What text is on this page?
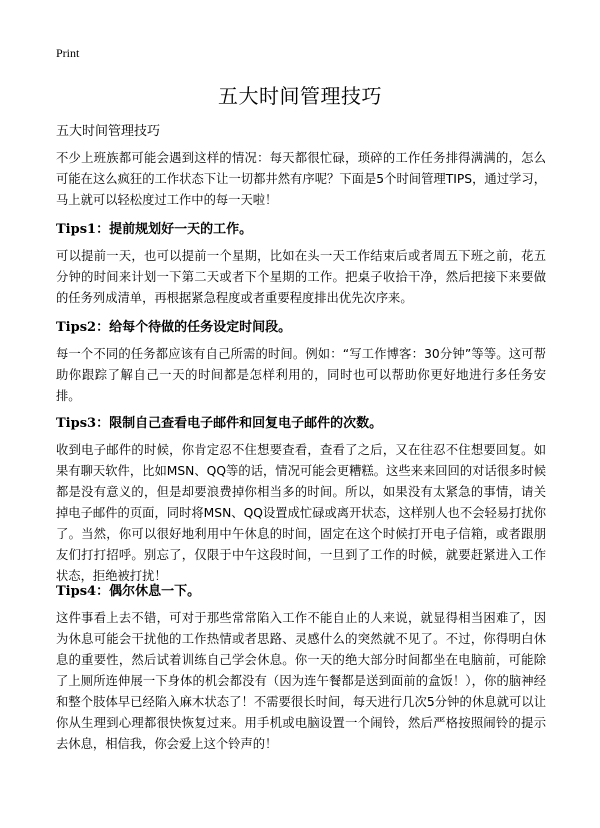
Print
五大时间管理技巧
五大时间管理技巧

不少上班族都可能会遇到这样的情况：每天都很忙碌，琐碎的工作任务排得满满的，怎么可能在这么疯狂的工作状态下让一切都井然有序呢？下面是5个时间管理TIPS，通过学习，马上就可以轻松度过工作中的每一天啦！

Tips1：提前规划好一天的工作。

可以提前一天，也可以提前一个星期，比如在头一天工作结束后或者周五下班之前，花五分钟的时间来计划一下第二天或者下个星期的工作。把桌子收拾干净，然后把接下来要做的任务列成清单，再根据紧急程度或者重要程度排出优先次序来。

Tips2：给每个待做的任务设定时间段。

每一个不同的任务都应该有自己所需的时间。例如：“写工作博客：30分钟”等等。这可帮助你跟踪了解自己一天的时间都是怎样利用的，同时也可以帮助你更好地进行多任务安排。

Tips3：限制自己查看电子邮件和回复电子邮件的次数。

收到电子邮件的时候，你肯定忍不住想要查看，查看了之后，又在往忍不住想要回复。如果有聊天软件，比如MSN、QQ等的话，情况可能会更糟糕。这些来来回回的对话很多时候都是没有意义的，但是却要浪费掉你相当多的时间。所以，如果没有太紧急的事情，请关掉电子邮件的页面，同时将MSN、QQ设置成忙碌或离开状态，这样别人也不会轻易打扰你了。当然，你可以很好地利用中午休息的时间，固定在这个时候打开电子信箱，或者跟朋友们打打招呼。别忘了，仅限于中午这段时间，一旦到了工作的时候，就要赶紧进入工作状态，拒绝被打扰！

Tips4：偶尔休息一下。

这件事看上去不错，可对于那些常常陷入工作不能自止的人来说，就显得相当困难了，因为休息可能会干扰他的工作热情或者思路、灵感什么的突然就不见了。不过，你得明白休息的重要性，然后试着训练自己学会休息。你一天的绝大部分时间都坐在电脑前，可能除了上厕所连伸展一下身体的机会都没有（因为连午餐都是送到面前的盒饭！），你的脑神经和整个肢体早已经陷入麻木状态了！不需要很长时间，每天进行几次5分钟的休息就可以让你从生理到心理都很快恢复过来。用手机或电脑设置一个闹铃，然后严格按照闹铃的提示去休息，相信我，你会爱上这个铃声的！
